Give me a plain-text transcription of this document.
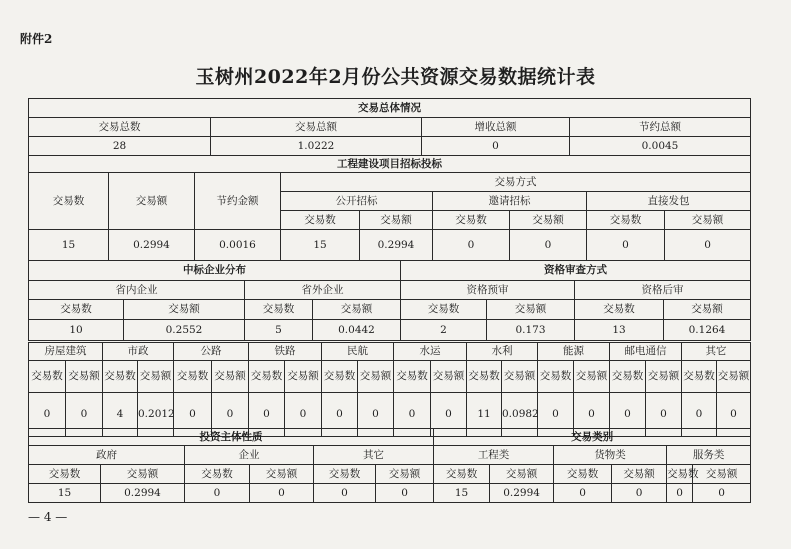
附件2
玉树州2022年2月份公共资源交易数据统计表
交易总体情况			
交易总数	交易总额	增收总额	节约总额
28	1.0222	0	0.0045
工程建设项目招标投标								
交易数	交易额	节约金额	交易方式					
			公开招标		邀请招标		直接发包	
			交易数	交易额	交易数	交易额	交易数	交易额
15	0.2994	0.0016	15	0.2994	0	0	0	0
中标企业分布				资格审查方式			
省内企业		省外企业		资格预审		资格后审	
交易数	交易额	交易数	交易额	交易数	交易额	交易数	交易额
10	0.2552	5	0.0442	2	0.173	13	0.1264
房屋建筑		市政		公路		铁路		民航		水运		水利		能源		邮电通信		其它	
交易数	交易额	交易数	交易额	交易数	交易额	交易数	交易额	交易数	交易额	交易数	交易额	交易数	交易额	交易数	交易额	交易数	交易额	交易数	交易额
0	0	4	0.2012	0	0	0	0	0	0	0	0	11	0.0982	0	0	0	0	0	0
投资主体性质						交易类别					
政府		企业		其它		工程类		货物类		服务类	
交易数	交易额	交易数	交易额	交易数	交易额	交易数	交易额	交易数	交易额	交易数	交易额
15	0.2994	0	0	0	0	15	0.2994	0	0	0	0
— 4 —
